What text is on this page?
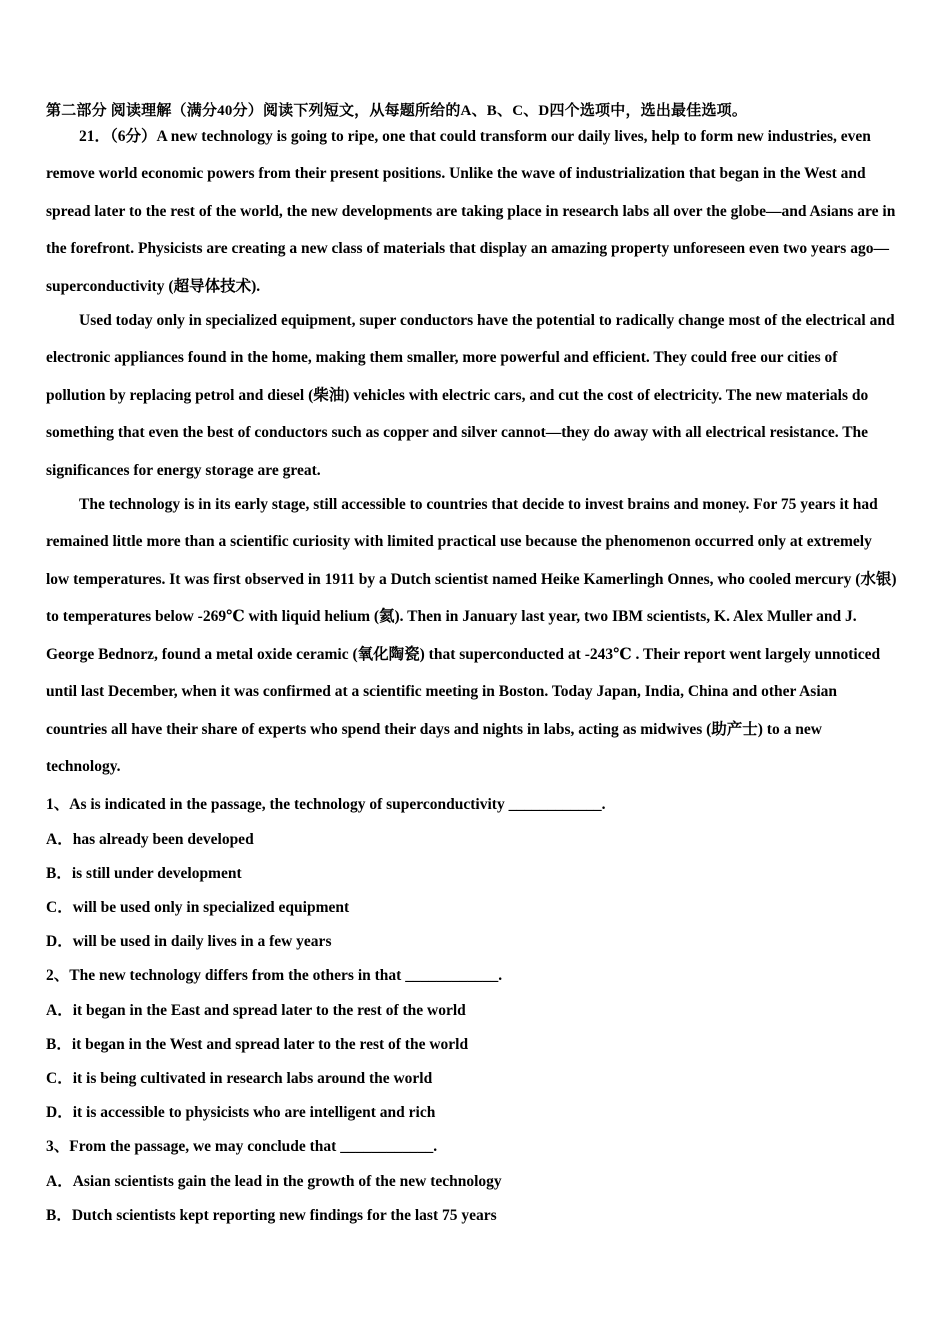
第二部分 阅读理解（满分40分）阅读下列短文，从每题所给的A、B、C、D四个选项中，选出最佳选项。

21．（6分）A new technology is going to ripe, one that could transform our daily lives, help to form new industries, even remove world economic powers from their present positions. Unlike the wave of industrialization that began in the West and spread later to the rest of the world, the new developments are taking place in research labs all over the globe—and Asians are in the forefront. Physicists are creating a new class of materials that display an amazing property unforeseen even two years ago—superconductivity (超导体技术).

Used today only in specialized equipment, super conductors have the potential to radically change most of the electrical and electronic appliances found in the home, making them smaller, more powerful and efficient. They could free our cities of pollution by replacing petrol and diesel (柴油) vehicles with electric cars, and cut the cost of electricity. The new materials do something that even the best of conductors such as copper and silver cannot—they do away with all electrical resistance. The significances for energy storage are great.

The technology is in its early stage, still accessible to countries that decide to invest brains and money. For 75 years it had remained little more than a scientific curiosity with limited practical use because the phenomenon occurred only at extremely low temperatures. It was first observed in 1911 by a Dutch scientist named Heike Kamerlingh Onnes, who cooled mercury (水银) to temperatures below -269℃ with liquid helium (氦). Then in January last year, two IBM scientists, K. Alex Muller and J. George Bednorz, found a metal oxide ceramic (氧化陶瓷) that superconducted at -243℃ . Their report went largely unnoticed until last December, when it was confirmed at a scientific meeting in Boston. Today Japan, India, China and other Asian countries all have their share of experts who spend their days and nights in labs, acting as midwives (助产士) to a new technology.

1、As is indicated in the passage, the technology of superconductivity ____________.

A．has already been developed

B．is still under development

C．will be used only in specialized equipment

D．will be used in daily lives in a few years

2、The new technology differs from the others in that ____________.

A．it began in the East and spread later to the rest of the world

B．it began in the West and spread later to the rest of the world

C．it is being cultivated in research labs around the world

D．it is accessible to physicists who are intelligent and rich

3、From the passage, we may conclude that ____________.

A．Asian scientists gain the lead in the growth of the new technology

B．Dutch scientists kept reporting new findings for the last 75 years
